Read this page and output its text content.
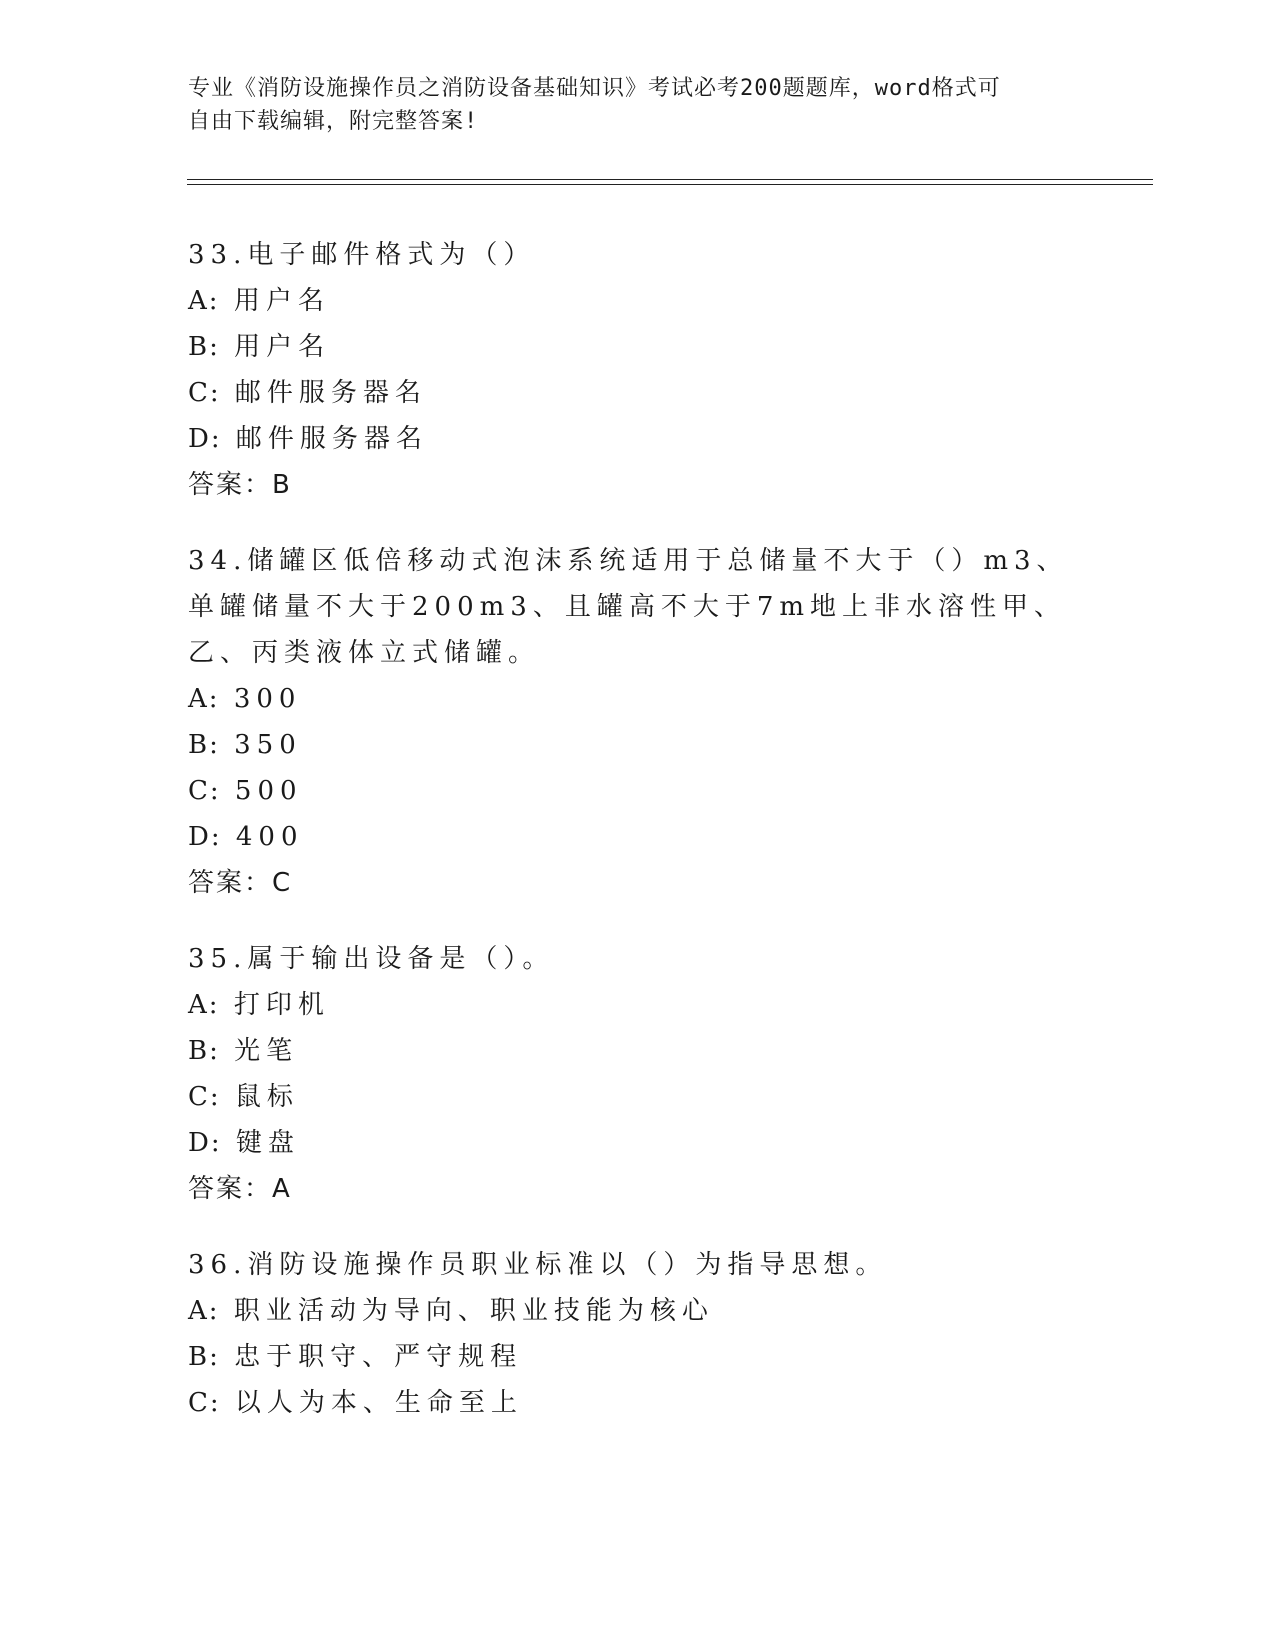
专业《消防设施操作员之消防设备基础知识》考试必考200题题库，word格式可
自由下载编辑，附完整答案!
33.电子邮件格式为（）
A: 用户名
B: 用户名
C: 邮件服务器名
D: 邮件服务器名
答案：B
34.储罐区低倍移动式泡沫系统适用于总储量不大于（）m3、单罐储量不大于200m3、且罐高不大于7m地上非水溶性甲、乙、丙类液体立式储罐。
A: 300
B: 350
C: 500
D: 400
答案：C
35.属于输出设备是（）。
A: 打印机
B: 光笔
C: 鼠标
D: 键盘
答案：A
36.消防设施操作员职业标准以（）为指导思想。
A: 职业活动为导向、职业技能为核心
B: 忠于职守、严守规程
C: 以人为本、生命至上
